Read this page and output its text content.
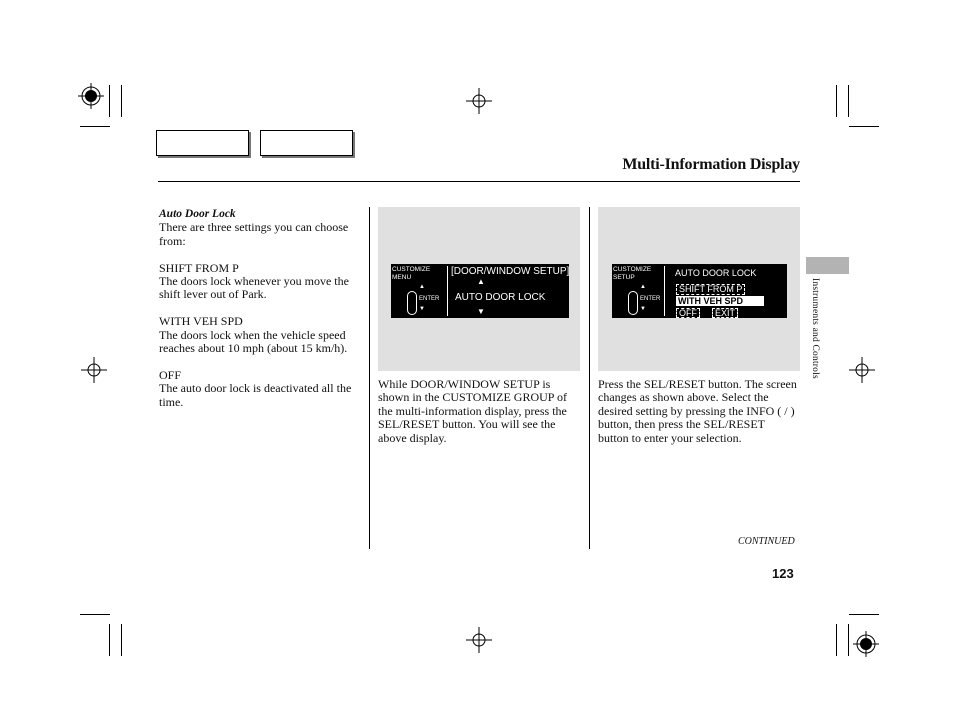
Multi-Information Display
Auto Door Lock

There are three settings you can choose from:

SHIFT FROM P

The doors lock whenever you move the shift lever out of Park.

WITH VEH SPD

The doors lock when the vehicle speed reaches about 10 mph (about 15 km/h).

OFF

The auto door lock is deactivated all the time.

CUSTOMIZE
MENU
▲
ENTER
▼
[DOOR/WINDOW SETUP]
▲
AUTO DOOR LOCK
▼
While DOOR/WINDOW SETUP is shown in the CUSTOMIZE GROUP of the multi-information display, press the SEL/RESET button. You will see the above display.
CUSTOMIZE
SETUP
▲
ENTER
▼
AUTO DOOR LOCK
SHIFT FROM P
WITH VEH SPD
OFF	EXIT
Press the SEL/RESET button. The screen changes as shown above. Select the desired setting by pressing the INFO ( / ) button, then press the SEL/RESET button to enter your selection.
Instruments and Controls
CONTINUED
123
